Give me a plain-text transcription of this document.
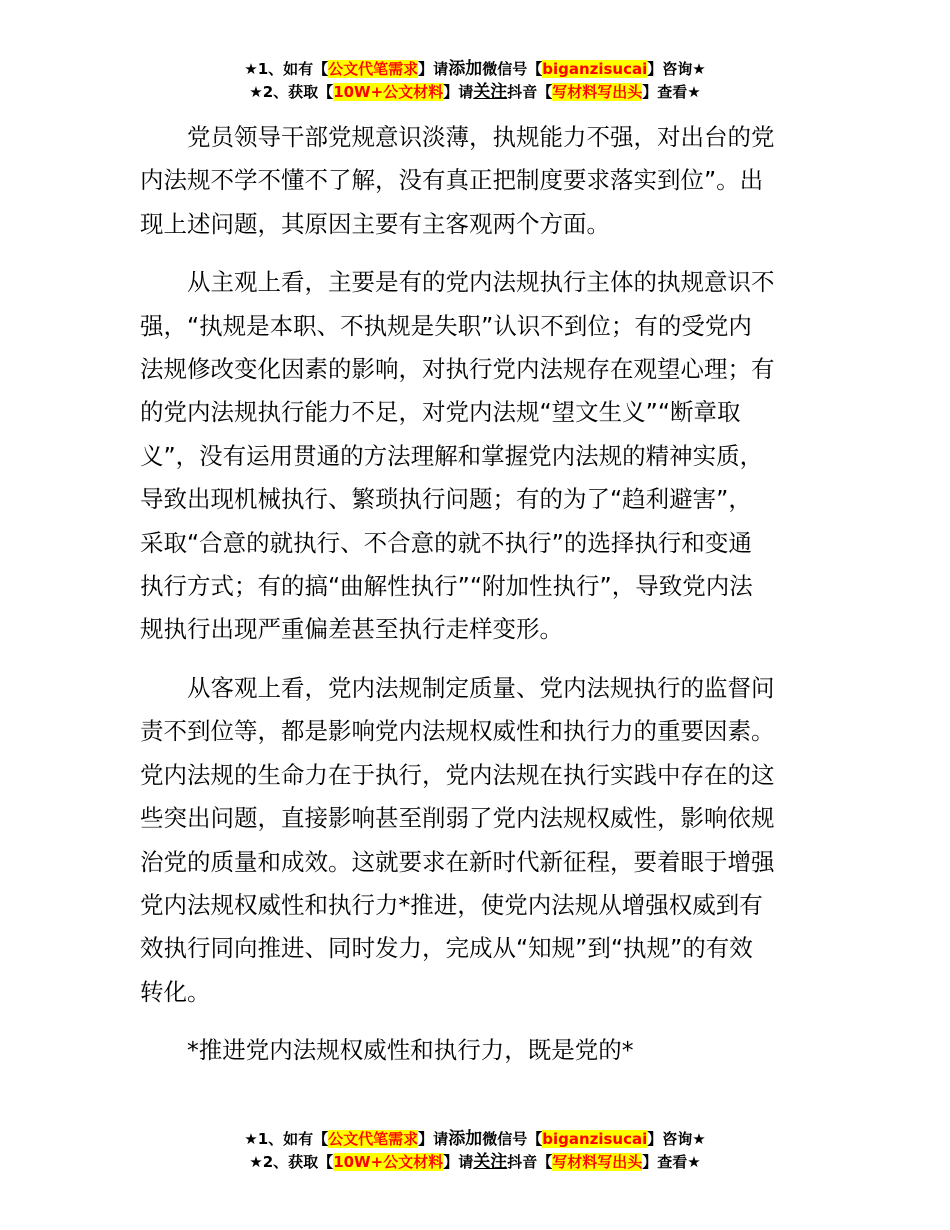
★1、如有【公文代笔需求】请添加微信号【biganzisucai】咨询★
★2、获取【10W+公文材料】请关注抖音【写材料写出头】查看★

党员领导干部党规意识淡薄，执规能力不强，对出台的党
内法规不学不懂不了解，没有真正把制度要求落实到位”。出
现上述问题，其原因主要有主客观两个方面。

从主观上看，主要是有的党内法规执行主体的执规意识不
强，“执规是本职、不执规是失职”认识不到位；有的受党内
法规修改变化因素的影响，对执行党内法规存在观望心理；有
的党内法规执行能力不足，对党内法规“望文生义”“断章取
义”，没有运用贯通的方法理解和掌握党内法规的精神实质，
导致出现机械执行、繁琐执行问题；有的为了“趋利避害”，
采取“合意的就执行、不合意的就不执行”的选择执行和变通
执行方式；有的搞“曲解性执行”“附加性执行”，导致党内法
规执行出现严重偏差甚至执行走样变形。

从客观上看，党内法规制定质量、党内法规执行的监督问
责不到位等，都是影响党内法规权威性和执行力的重要因素。
党内法规的生命力在于执行，党内法规在执行实践中存在的这
些突出问题，直接影响甚至削弱了党内法规权威性，影响依规
治党的质量和成效。这就要求在新时代新征程，要着眼于增强
党内法规权威性和执行力*推进，使党内法规从增强权威到有
效执行同向推进、同时发力，完成从“知规”到“执规”的有效
转化。

*推进党内法规权威性和执行力，既是党的*

★1、如有【公文代笔需求】请添加微信号【biganzisucai】咨询★
★2、获取【10W+公文材料】请关注抖音【写材料写出头】查看★
